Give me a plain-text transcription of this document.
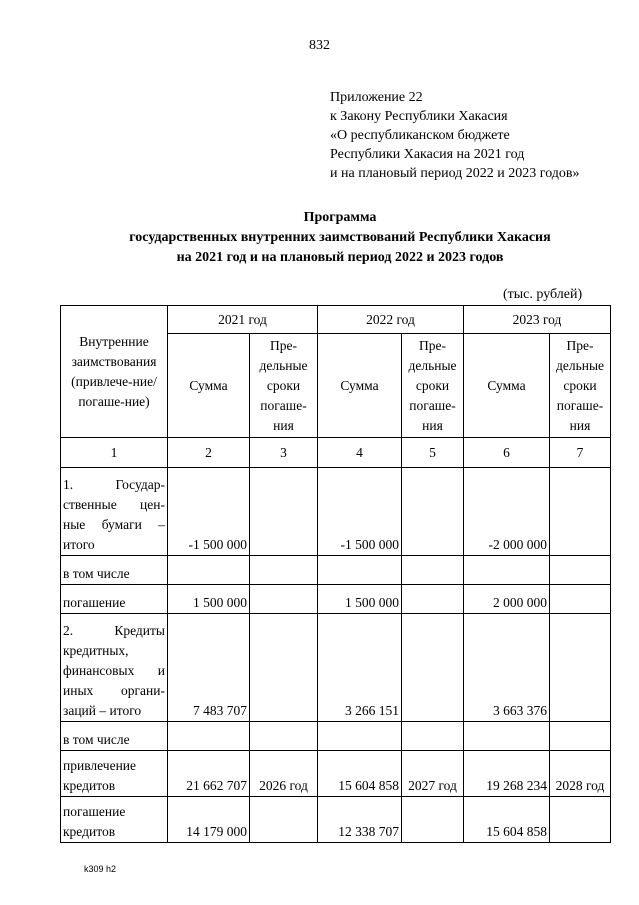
832
Приложение 22
к Закону Республики Хакасия
«О республиканском бюджете
Республики Хакасия на 2021 год
и на плановый период 2022 и 2023 годов»
Программа
государственных внутренних заимствований Республики Хакасия
на 2021 год и на плановый период 2022 и 2023 годов
(тыс. рублей)
Внутренние заимствования (привлече-ние/погаше-ние)	2021 год		2022 год		2023 год	
	Сумма	Пре-дельные сроки погаше-ния	Сумма	Пре-дельные сроки погаше-ния	Сумма	Пре-дельные сроки погаше-ния
1	2	3	4	5	6	7
1. Государ-ственные цен-ные бумаги – итого	-1 500 000		-1 500 000		-2 000 000	
в том числе						
погашение	1 500 000		1 500 000		2 000 000	
2. Кредиты кредитных, финансовых и иных органи-заций – итого	7 483 707		3 266 151		3 663 376	
в том числе						
привлечение кредитов	21 662 707	2026 год	15 604 858	2027 год	19 268 234	2028 год
погашение кредитов	14 179 000		12 338 707		15 604 858	
k309 h2
